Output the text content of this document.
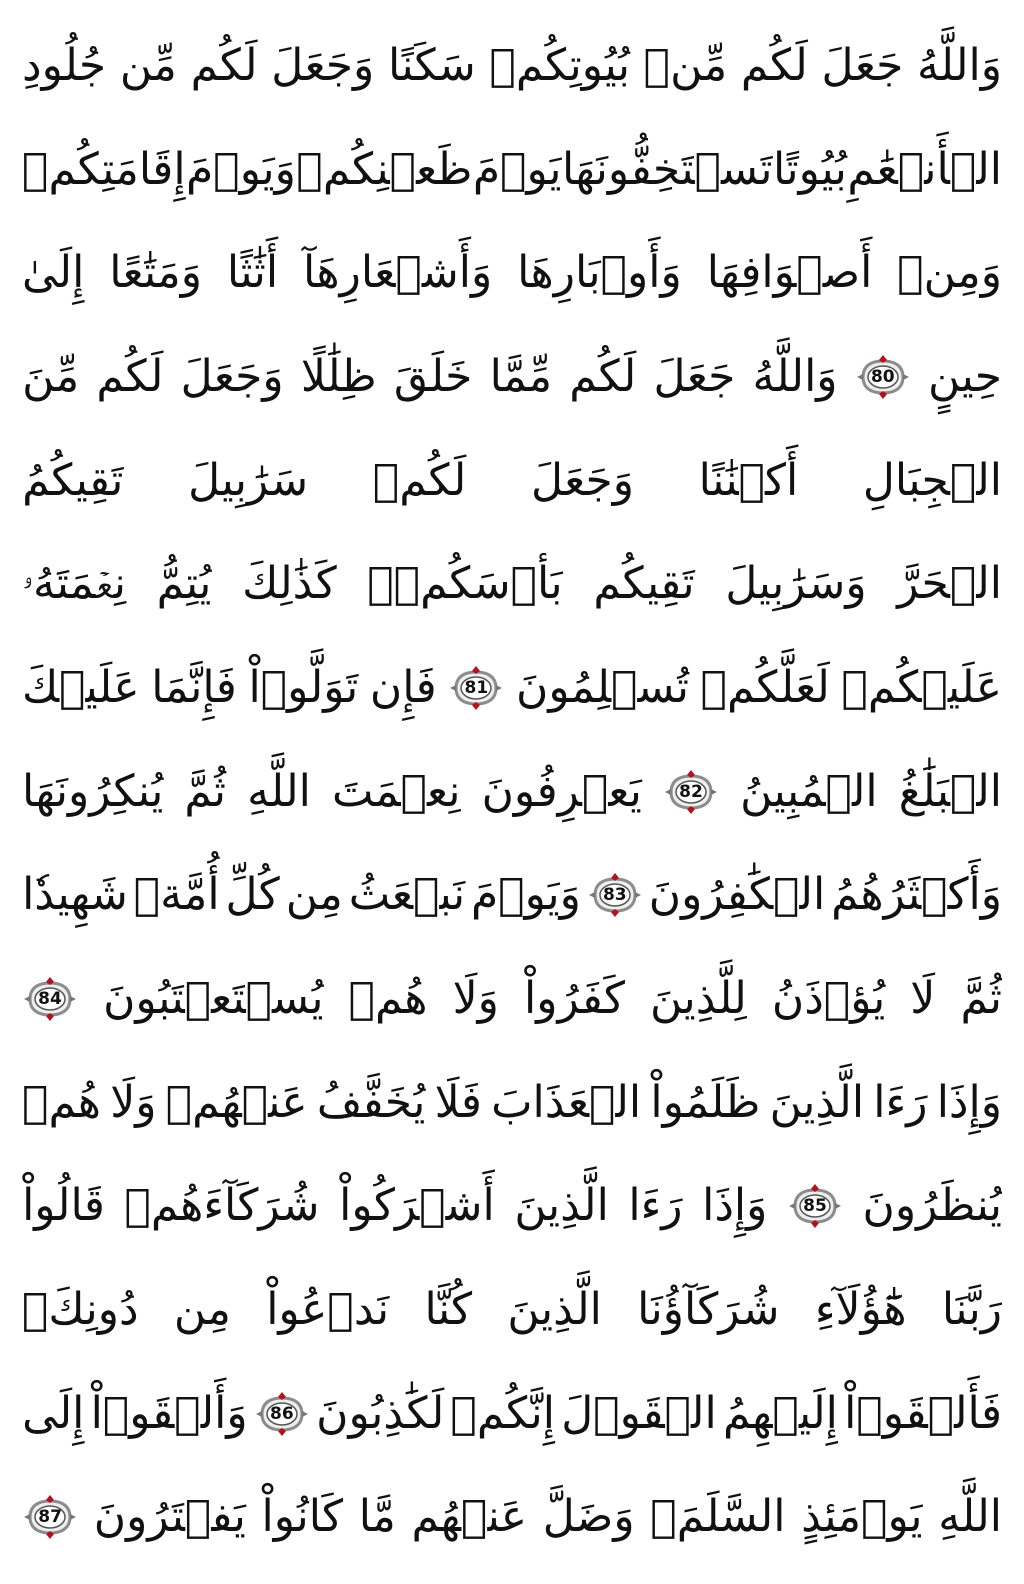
وَاللَّهُ
جَعَلَ
لَكُم
مِّنۢ
بُيُوتِكُمۡ
سَكَنًا
وَجَعَلَ
لَكُم
مِّن
جُلُودِ
الۡأَنۡعَٰمِ
بُيُوتًا
تَسۡتَخِفُّونَهَا
يَوۡمَ
ظَعۡنِكُمۡ
وَيَوۡمَ
إِقَامَتِكُمۡ
وَمِنۡ
أَصۡوَافِهَا
وَأَوۡبَارِهَا
وَأَشۡعَارِهَآ
أَثَٰثًا
وَمَتَٰعًا
إِلَىٰ
حِينٍ
80
وَاللَّهُ
جَعَلَ
لَكُم
مِّمَّا
خَلَقَ
ظِلَٰلًا
وَجَعَلَ
لَكُم
مِّنَ
الۡجِبَالِ
أَكۡنَٰنًا
وَجَعَلَ
لَكُمۡ
سَرَٰبِيلَ
تَقِيكُمُ
الۡحَرَّ
وَسَرَٰبِيلَ
تَقِيكُم
بَأۡسَكُمۡۚ
كَذَٰلِكَ
يُتِمُّ
نِعۡمَتَهُۥ
عَلَيۡكُمۡ
لَعَلَّكُمۡ
تُسۡلِمُونَ
81
فَإِن
تَوَلَّوۡاْ
فَإِنَّمَا
عَلَيۡكَ
الۡبَلَٰغُ
الۡمُبِينُ
82
يَعۡرِفُونَ
نِعۡمَتَ
اللَّهِ
ثُمَّ
يُنكِرُونَهَا
وَأَكۡثَرُهُمُ
الۡكَٰفِرُونَ
83
وَيَوۡمَ
نَبۡعَثُ
مِن
كُلِّ
أُمَّةٖ
شَهِيدٗا
ثُمَّ
لَا
يُؤۡذَنُ
لِلَّذِينَ
كَفَرُواْ
وَلَا
هُمۡ
يُسۡتَعۡتَبُونَ
84
وَإِذَا
رَءَا
الَّذِينَ
ظَلَمُواْ
الۡعَذَابَ
فَلَا
يُخَفَّفُ
عَنۡهُمۡ
وَلَا
هُمۡ
يُنظَرُونَ
85
وَإِذَا
رَءَا
الَّذِينَ
أَشۡرَكُواْ
شُرَكَآءَهُمۡ
قَالُواْ
رَبَّنَا
هَٰٓؤُلَآءِ
شُرَكَآؤُنَا
الَّذِينَ
كُنَّا
نَدۡعُواْ
مِن
دُونِكَۖ
فَأَلۡقَوۡاْ
إِلَيۡهِمُ
الۡقَوۡلَ
إِنَّكُمۡ
لَكَٰذِبُونَ
86
وَأَلۡقَوۡاْ
إِلَى
اللَّهِ
يَوۡمَئِذٍ
السَّلَمَۖ
وَضَلَّ
عَنۡهُم
مَّا
كَانُواْ
يَفۡتَرُونَ
87
